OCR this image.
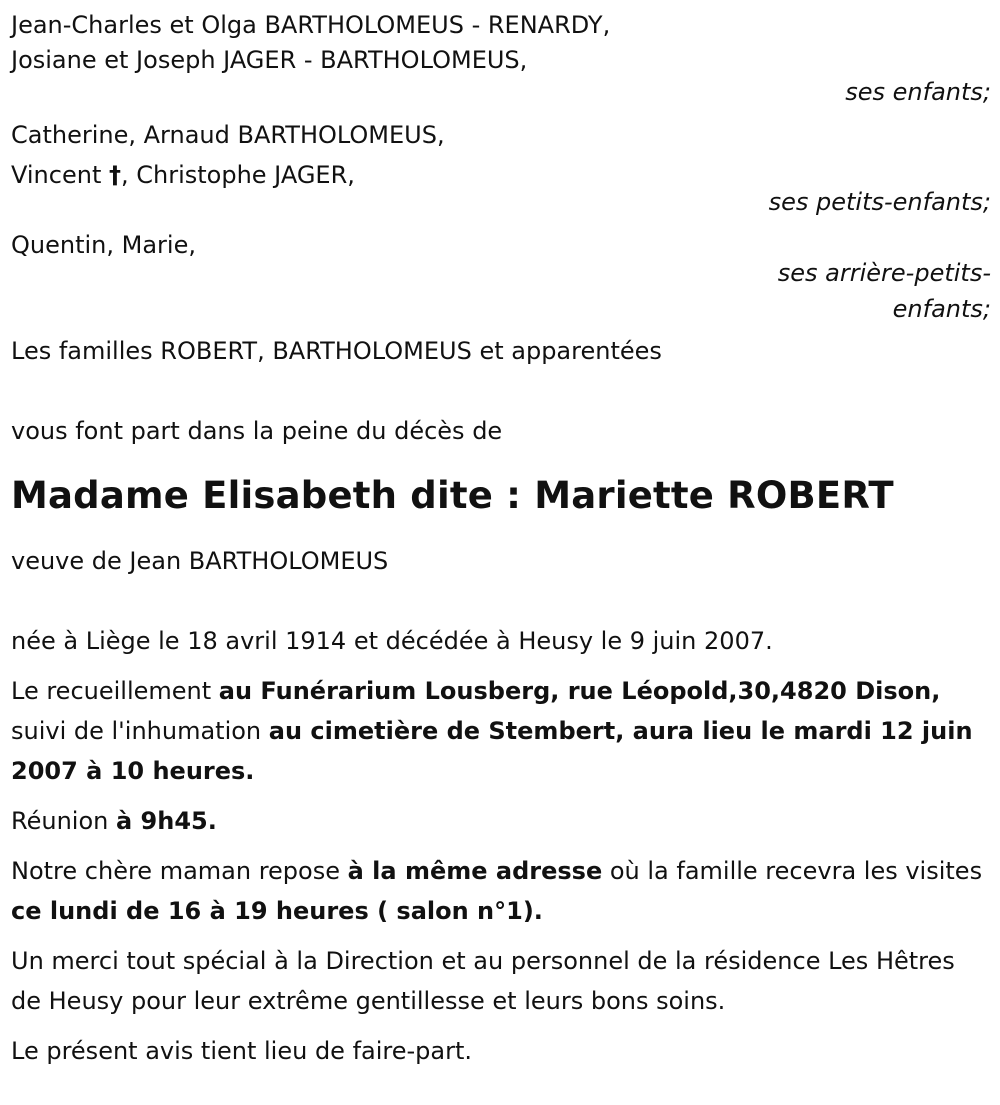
Jean-Charles et Olga BARTHOLOMEUS - RENARDY,
Josiane et Joseph JAGER - BARTHOLOMEUS,
ses enfants;
Catherine, Arnaud BARTHOLOMEUS,
Vincent †, Christophe JAGER,
ses petits-enfants;
Quentin, Marie,
ses arrière-petits-
enfants;
Les familles ROBERT, BARTHOLOMEUS et apparentées
vous font part dans la peine du décès de
Madame Elisabeth dite : Mariette ROBERT
veuve de Jean BARTHOLOMEUS
née à Liège le 18 avril 1914 et décédée à Heusy le 9 juin 2007.
Le recueillement au Funérarium Lousberg, rue Léopold,30,4820 Dison, suivi de l'inhumation au cimetière de Stembert, aura lieu le mardi 12 juin 2007 à 10 heures.
Réunion à 9h45.
Notre chère maman repose à la même adresse où la famille recevra les visites ce lundi de 16 à 19 heures ( salon n°1).
Un merci tout spécial à la Direction et au personnel de la résidence Les Hêtres de Heusy pour leur extrême gentillesse et leurs bons soins.
Le présent avis tient lieu de faire-part.
